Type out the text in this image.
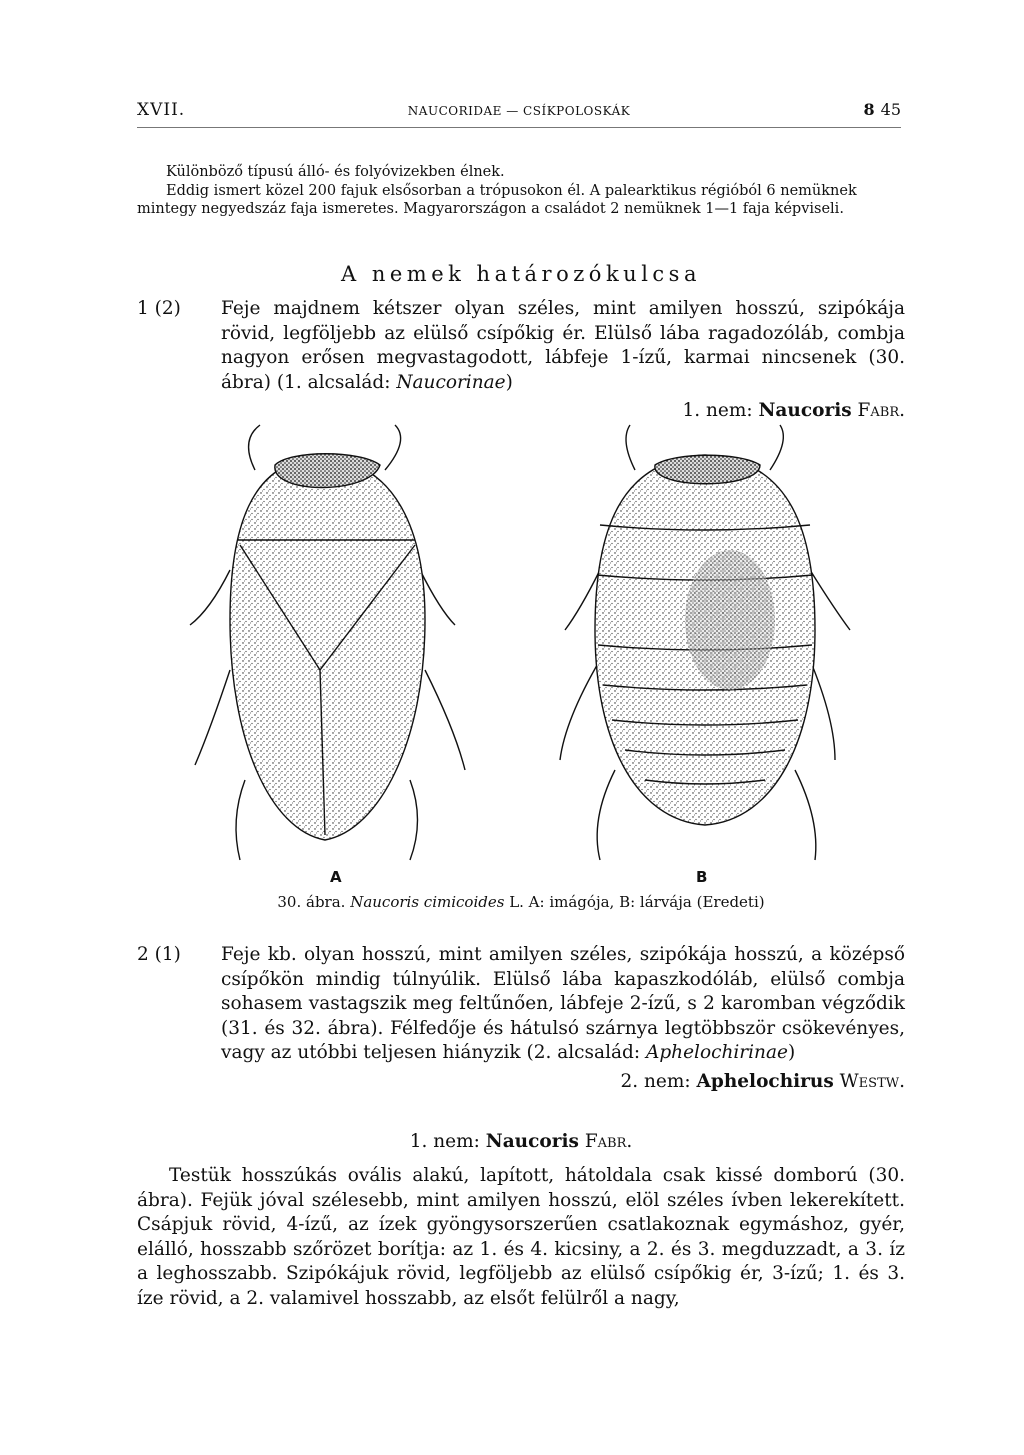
XVII.	NAUCORIDAE — CSÍKPOLOSKÁK	8 45

Különböző típusú álló- és folyóvizekben élnek.

Eddig ismert közel 200 fajuk elsősorban a trópusokon él. A palearktikus régióból 6 nemüknek mintegy negyedszáz faja ismeretes. Magyarországon a családot 2 nemüknek 1—1 faja képviseli.

A nemek határozókulcsa
1 (2)	Feje majdnem kétszer olyan széles, mint amilyen hosszú, szipókája rövid, legföljebb az elülső csípőkig ér. Elülső lába ragadozóláb, combja nagyon erősen megvastagodott, lábfeje 1-ízű, karmai nincsenek (30. ábra) (1. alcsalád: Naucorinae)
1. nem: Naucoris Fabr.
A	B
30. ábra. Naucoris cimicoides L. A: imágója, B: lárvája (Eredeti)
2 (1)	Feje kb. olyan hosszú, mint amilyen széles, szipókája hosszú, a középső csípőkön mindig túlnyúlik. Elülső lába kapaszkodóláb, elülső combja sohasem vastagszik meg feltűnően, lábfeje 2-ízű, s 2 karomban végződik (31. és 32. ábra). Félfedője és hátulsó szárnya legtöbbször csökevényes, vagy az utóbbi teljesen hiányzik (2. alcsalád: Aphelochirinae)
2. nem: Aphelochirus Westw.
1. nem: Naucoris Fabr.
Testük hosszúkás ovális alakú, lapított, hátoldala csak kissé domború (30. ábra). Fejük jóval szélesebb, mint amilyen hosszú, elöl széles ívben lekerekített. Csápjuk rövid, 4-ízű, az ízek gyöngysorszerűen csatlakoznak egymáshoz, gyér, elálló, hosszabb szőrözet borítja: az 1. és 4. kicsiny, a 2. és 3. megduzzadt, a 3. íz a leghosszabb. Szipókájuk rövid, legföljebb az elülső csípőkig ér, 3-ízű; 1. és 3. íze rövid, a 2. valamivel hosszabb, az elsőt felülről a nagy,
